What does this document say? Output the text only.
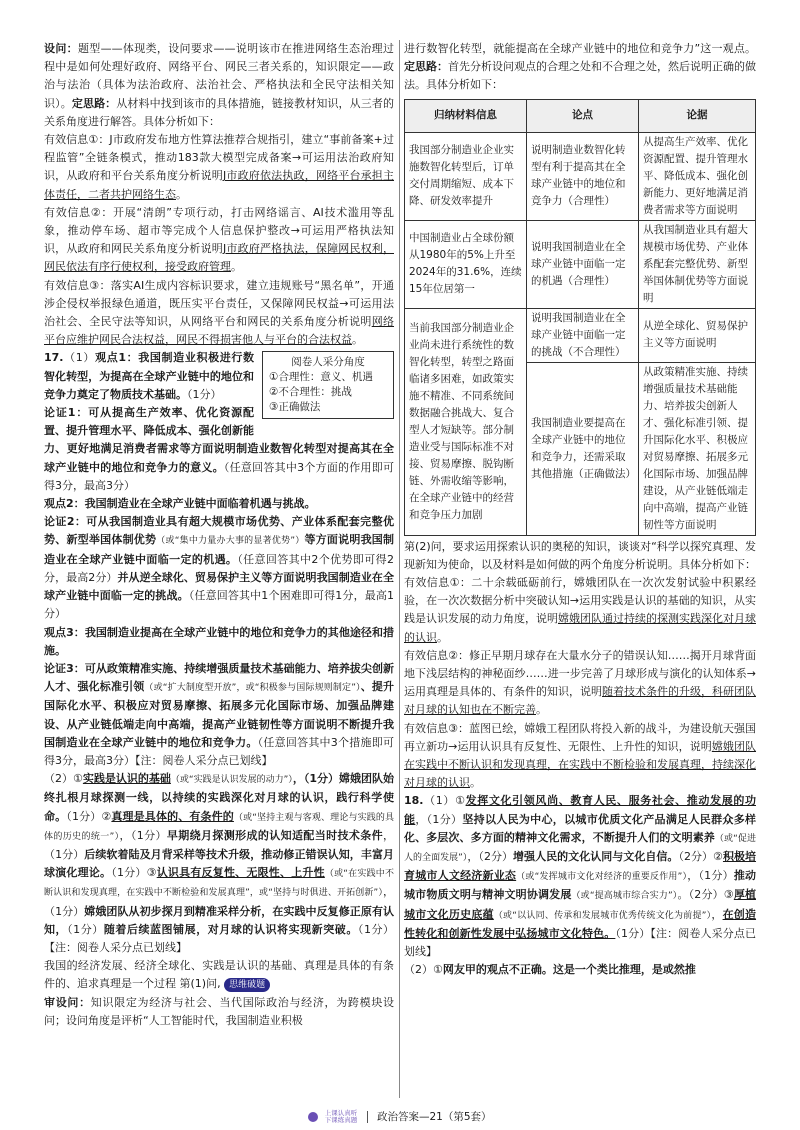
设问：题型——体现类，设问要求——说明该市在推进网络生态治理过程中是如何处理好政府、网络平台、网民三者关系的，知识限定——政治与法治（具体为法治政府、法治社会、严格执法和全民守法相关知识）。定思路：从材料中找到该市的具体措施，链接教材知识，从三者的关系角度进行解答。具体分析如下：

有效信息①：J市政府发布地方性算法推荐合规指引，建立“事前备案+过程监管”全链条模式，推动183款大模型完成备案→可运用法治政府知识，从政府和平台关系角度分析说明J市政府依法执政，网络平台承担主体责任，二者共护网络生态。

有效信息②：开展“清朗”专项行动，打击网络谣言、AI技术滥用等乱象，推动停车场、超市等完成个人信息保护整改→可运用严格执法知识，从政府和网民关系角度分析说明J市政府严格执法，保障网民权利，网民依法有序行使权利，接受政府管理。

有效信息③：落实AI生成内容标识要求，建立违规账号“黑名单”，开通涉企侵权举报绿色通道，既压实平台责任，又保障网民权益→可运用法治社会、全民守法等知识，从网络平台和网民的关系角度分析说明网络平台应维护网民合法权益，网民不得损害他人与平台的合法权益。

阅卷人采分角度
①合理性：意义、机遇
②不合理性：挑战
③正确做法

17.（1）观点1：我国制造业积极进行数智化转型，为提高在全球产业链中的地位和竞争力奠定了物质技术基础。（1分）

论证1：可从提高生产效率、优化资源配置、提升管理水平、降低成本、强化创新能力、更好地满足消费者需求等方面说明制造业数智化转型对提高其在全球产业链中的地位和竞争力的意义。（任意回答其中3个方面的作用即可得3分，最高3分）

观点2：我国制造业在全球产业链中面临着机遇与挑战。

论证2：可从我国制造业具有超大规模市场优势、产业体系配套完整优势、新型举国体制优势（或“集中力量办大事的显著优势”）等方面说明我国制造业在全球产业链中面临一定的机遇。（任意回答其中2个优势即可得2分，最高2分）并从逆全球化、贸易保护主义等方面说明我国制造业在全球产业链中面临一定的挑战。（任意回答其中1个困难即可得1分，最高1分）

观点3：我国制造业提高在全球产业链中的地位和竞争力的其他途径和措施。

论证3：可从政策精准实施、持续增强质量技术基础能力、培养拔尖创新人才、强化标准引领（或“扩大制度型开放”，或“积极参与国际规则制定”）、提升国际化水平、积极应对贸易摩擦、拓展多元化国际市场、加强品牌建设、从产业链低端走向中高端，提高产业链韧性等方面说明不断提升我国制造业在全球产业链中的地位和竞争力。（任意回答其中3个措施即可得3分，最高3分）【注：阅卷人采分点已划线】

（2）①实践是认识的基础（或“实践是认识发展的动力”），（1分）嫦娥团队始终扎根月球探测一线，以持续的实践深化对月球的认识，践行科学使命。（1分）②真理是具体的、有条件的（或“坚持主观与客观、理论与实践的具体的历史的统一”），（1分）早期绕月探测形成的认知适配当时技术条件，（1分）后续软着陆及月背采样等技术升级，推动修正错误认知，丰富月球演化理论。（1分）③认识具有反复性、无限性、上升性（或“在实践中不断认识和发现真理，在实践中不断检验和发展真理”，或“坚持与时俱进、开拓创新”），（1分）嫦娥团队从初步探月到精准采样分析，在实践中反复修正原有认知，（1分）随着后续蓝图铺展，对月球的认识将实现新突破。（1分）【注：阅卷人采分点已划线】

我国的经济发展、经济全球化、实践是认识的基础、真理是具体的有条件的、追求真理是一个过程 第(1)问, 思维破题

审设问：知识限定为经济与社会、当代国际政治与经济，为跨模块设问；设问角度是评析“人工智能时代，我国制造业积极

进行数智化转型，就能提高在全球产业链中的地位和竞争力”这一观点。定思路：首先分析设问观点的合理之处和不合理之处，然后说明正确的做法。具体分析如下：

归纳材料信息	论点	论据
我国部分制造业企业实施数智化转型后，订单交付周期缩短、成本下降、研发效率提升	说明制造业数智化转型有利于提高其在全球产业链中的地位和竞争力（合理性）	从提高生产效率、优化资源配置、提升管理水平、降低成本、强化创新能力、更好地满足消费者需求等方面说明
中国制造业占全球份额从1980年的5%上升至2024年的31.6%，连续15年位居第一	说明我国制造业在全球产业链中面临一定的机遇（合理性）	从我国制造业具有超大规模市场优势、产业体系配套完整优势、新型举国体制优势等方面说明
当前我国部分制造业企业尚未进行系统性的数智化转型，转型之路面临诸多困难，如政策实施不精准、不同系统间数据融合挑战大、复合型人才短缺等。部分制造业受与国际标准不对接、贸易摩擦、脱钩断链、外需收缩等影响，在全球产业链中的经营和竞争压力加剧	说明我国制造业在全球产业链中面临一定的挑战（不合理性）	从逆全球化、贸易保护主义等方面说明
	我国制造业要提高在全球产业链中的地位和竞争力，还需采取其他措施（正确做法）	从政策精准实施、持续增强质量技术基础能力、培养拔尖创新人才、强化标准引领、提升国际化水平、积极应对贸易摩擦、拓展多元化国际市场、加强品牌建设，从产业链低端走向中高端，提高产业链韧性等方面说明

第(2)问，要求运用探索认识的奥秘的知识，谈谈对“科学以探究真理、发现新知为使命，以及材料是如何做的两个角度分析说明。具体分析如下：

有效信息①：二十余载砥砺前行，嫦娥团队在一次次发射试验中积累经验，在一次次数据分析中突破认知→运用实践是认识的基础的知识，从实践是认识发展的动力角度，说明嫦娥团队通过持续的探测实践深化对月球的认识。

有效信息②：修正早期月球存在大量水分子的错误认知……揭开月球背面地下浅层结构的神秘面纱……进一步完善了月球形成与演化的认知体系→运用真理是具体的、有条件的知识，说明随着技术条件的升级，科研团队对月球的认知也在不断完善。

有效信息③：蓝图已绘，嫦娥工程团队将投入新的战斗，为建设航天强国再立新功→运用认识具有反复性、无限性、上升性的知识，说明嫦娥团队在实践中不断认识和发现真理，在实践中不断检验和发展真理，持续深化对月球的认识。

18.（1）①发挥文化引领风尚、教育人民、服务社会、推动发展的功能，（1分）坚持以人民为中心，以城市优质文化产品满足人民群众多样化、多层次、多方面的精神文化需求，不断提升人们的文明素养（或“促进人的全面发展”），（2分）增强人民的文化认同与文化自信。（2分）②积极培育城市人文经济新业态（或“发挥城市文化对经济的重要反作用”），（1分）推动城市物质文明与精神文明协调发展（或“提高城市综合实力”）。（2分）③厚植城市文化历史底蕴（或“以认同、传承和发展城市优秀传统文化为前提”），在创造性转化和创新性发展中弘扬城市文化特色。（1分）【注：阅卷人采分点已划线】

（2）①网友甲的观点不正确。这是一个类比推理，是或然推

上课认真听
下课练真题 政治答案—21（第5套）
